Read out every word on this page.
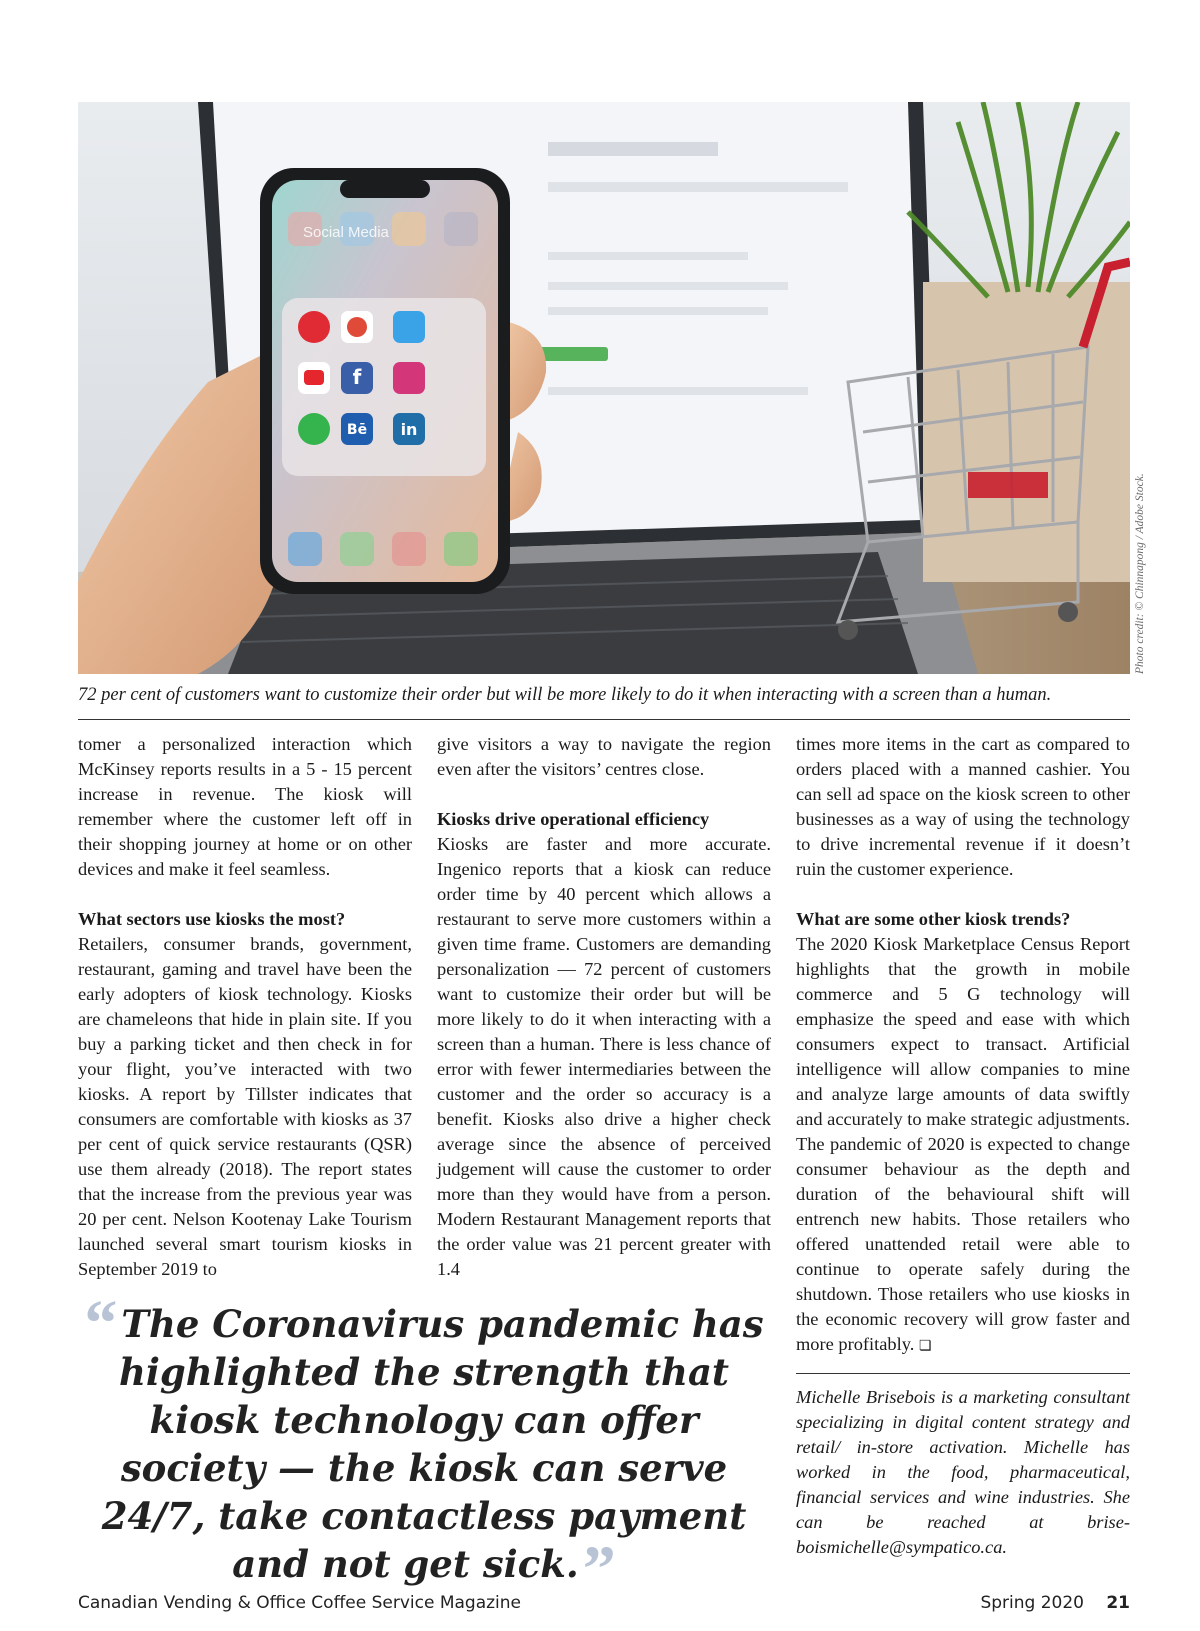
Social Media
f
Bē in
Photo credit: © Chinnapong / Adobe Stock.
72 per cent of customers want to customize their order but will be more likely to do it when interacting with a screen than a human.

tomer a personalized interaction which McKinsey reports results in a 5 - 15 percent increase in revenue. The kiosk will remember where the customer left off in their shopping journey at home or on other devices and make it feel seamless.

What sectors use kiosks the most?

Retailers, consumer brands, government, restaurant, gaming and travel have been the early adopters of kiosk technology. Kiosks are chameleons that hide in plain site. If you buy a parking ticket and then check in for your flight, you’ve interacted with two kiosks. A report by Tillster indicates that consumers are comfortable with kiosks as 37 per cent of quick service restaurants (QSR) use them already (2018). The report states that the increase from the previous year was 20 per cent. Nelson Kootenay Lake Tourism launched several smart tourism kiosks in September 2019 to

give visitors a way to navigate the region even after the visitors’ centres close.

Kiosks drive operational efficiency

Kiosks are faster and more accurate. Ingenico reports that a kiosk can reduce order time by 40 percent which allows a restaurant to serve more customers within a given time frame. Customers are demanding personalization — 72 percent of customers want to customize their order but will be more likely to do it when interacting with a screen than a human. There is less chance of error with fewer intermediaries between the customer and the order so accuracy is a benefit. Kiosks also drive a higher check average since the absence of perceived judgement will cause the customer to order more than they would have from a person. Modern Restaurant Management reports that the order value was 21 percent greater with 1.4

times more items in the cart as compared to orders placed with a manned cashier. You can sell ad space on the kiosk screen to other businesses as a way of using the technology to drive incremental revenue if it doesn’t ruin the customer experience.

What are some other kiosk trends?

The 2020 Kiosk Marketplace Census Report highlights that the growth in mobile commerce and 5 G technology will emphasize the speed and ease with which consumers expect to transact. Artificial intelligence will allow companies to mine and analyze large amounts of data swiftly and accurately to make strategic adjustments. The pandemic of 2020 is expected to change consumer behaviour as the depth and duration of the behavioural shift will entrench new habits. Those retailers who offered unattended retail were able to continue to operate safely during the shutdown. Those retailers who use kiosks in the economic recovery will grow faster and more profitably. ❏

Michelle Brisebois is a marketing consultant specializing in digital content strategy and retail/ in-store activation. Michelle has worked in the food, pharmaceutical, financial services and wine industries. She can be reached at briseboismichelle@sympatico.ca.
“ The Coronavirus pandemic has highlighted the strength that kiosk technology can offer society — the kiosk can serve 24/7, take contactless payment and not get sick.”
Canadian Vending & Office Coffee Service Magazine	Spring 2020 21
